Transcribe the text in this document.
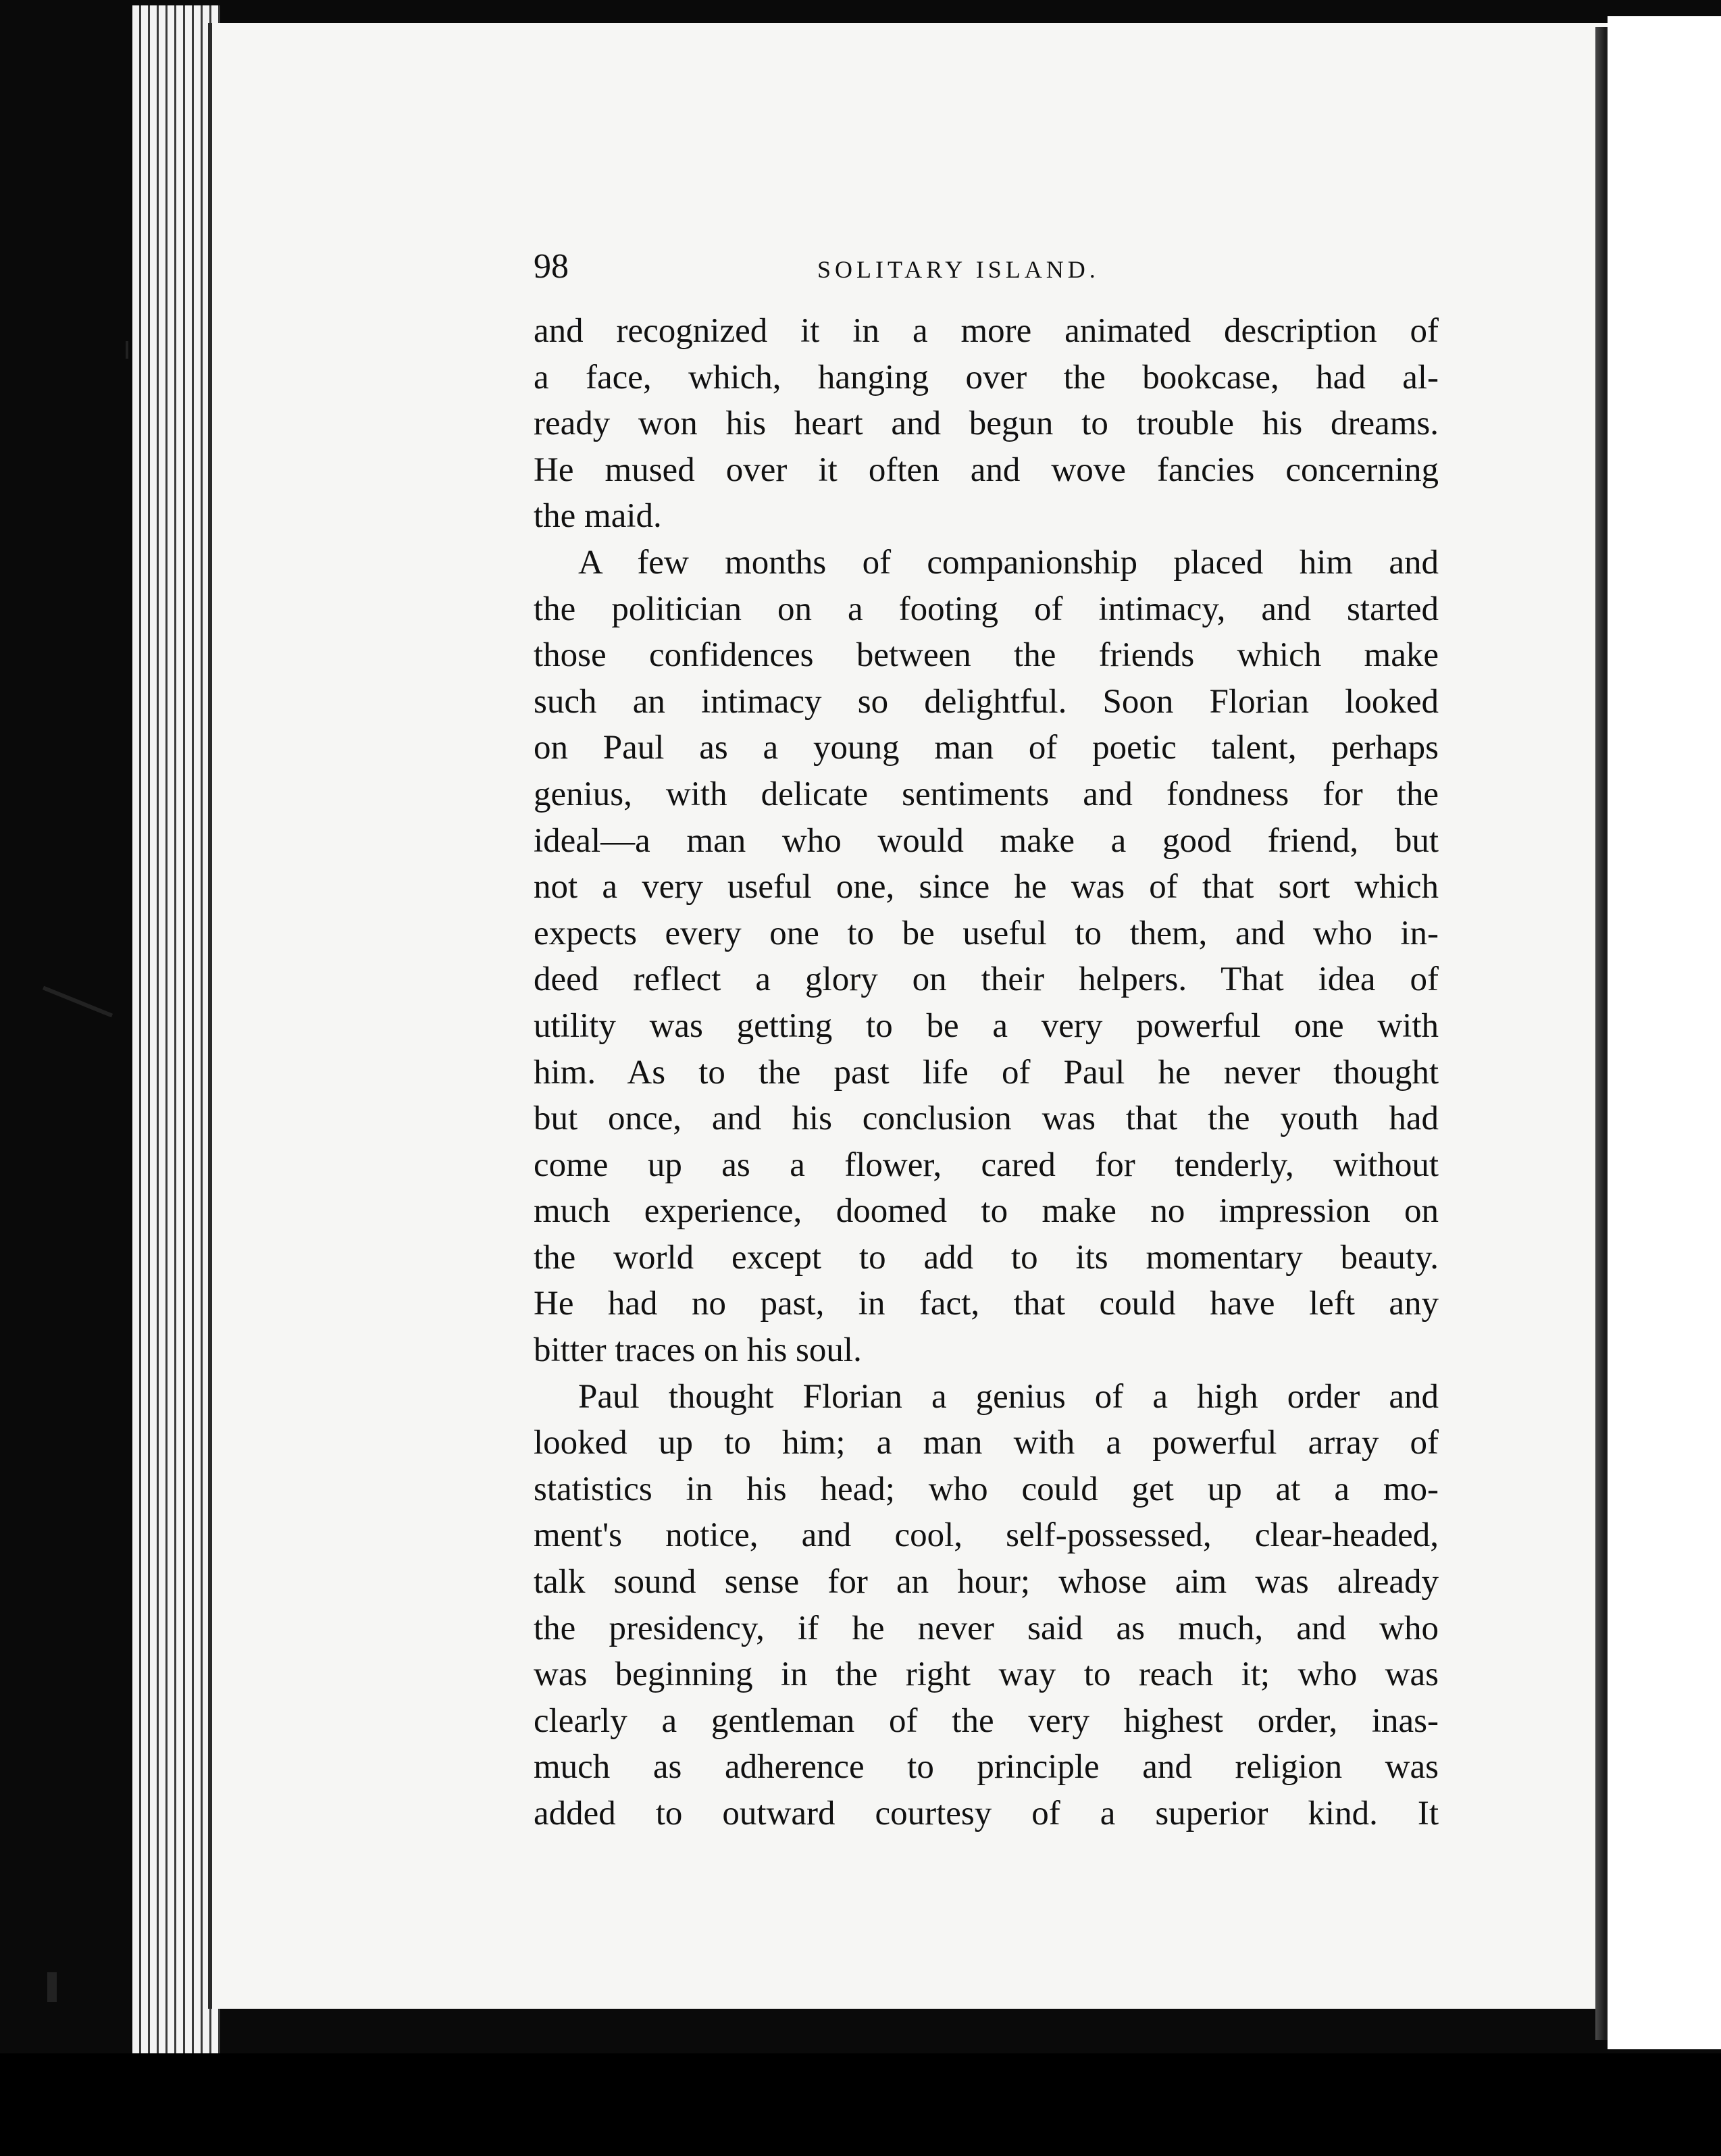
98	SOLITARY ISLAND.
and recognized it in a more animated description of
a face, which, hanging over the bookcase, had al-
ready won his heart and begun to trouble his dreams.
He mused over it often and wove fancies concerning
the maid.
A few months of companionship placed him and
the politician on a footing of intimacy, and started
those confidences between the friends which make
such an intimacy so delightful. Soon Florian looked
on Paul as a young man of poetic talent, perhaps
genius, with delicate sentiments and fondness for the
ideal—a man who would make a good friend, but
not a very useful one, since he was of that sort which
expects every one to be useful to them, and who in-
deed reflect a glory on their helpers. That idea of
utility was getting to be a very powerful one with
him. As to the past life of Paul he never thought
but once, and his conclusion was that the youth had
come up as a flower, cared for tenderly, without
much experience, doomed to make no impression on
the world except to add to its momentary beauty.
He had no past, in fact, that could have left any
bitter traces on his soul.
Paul thought Florian a genius of a high order and
looked up to him; a man with a powerful array of
statistics in his head; who could get up at a mo-
ment's notice, and cool, self-possessed, clear-headed,
talk sound sense for an hour; whose aim was already
the presidency, if he never said as much, and who
was beginning in the right way to reach it; who was
clearly a gentleman of the very highest order, inas-
much as adherence to principle and religion was
added to outward courtesy of a superior kind. It
